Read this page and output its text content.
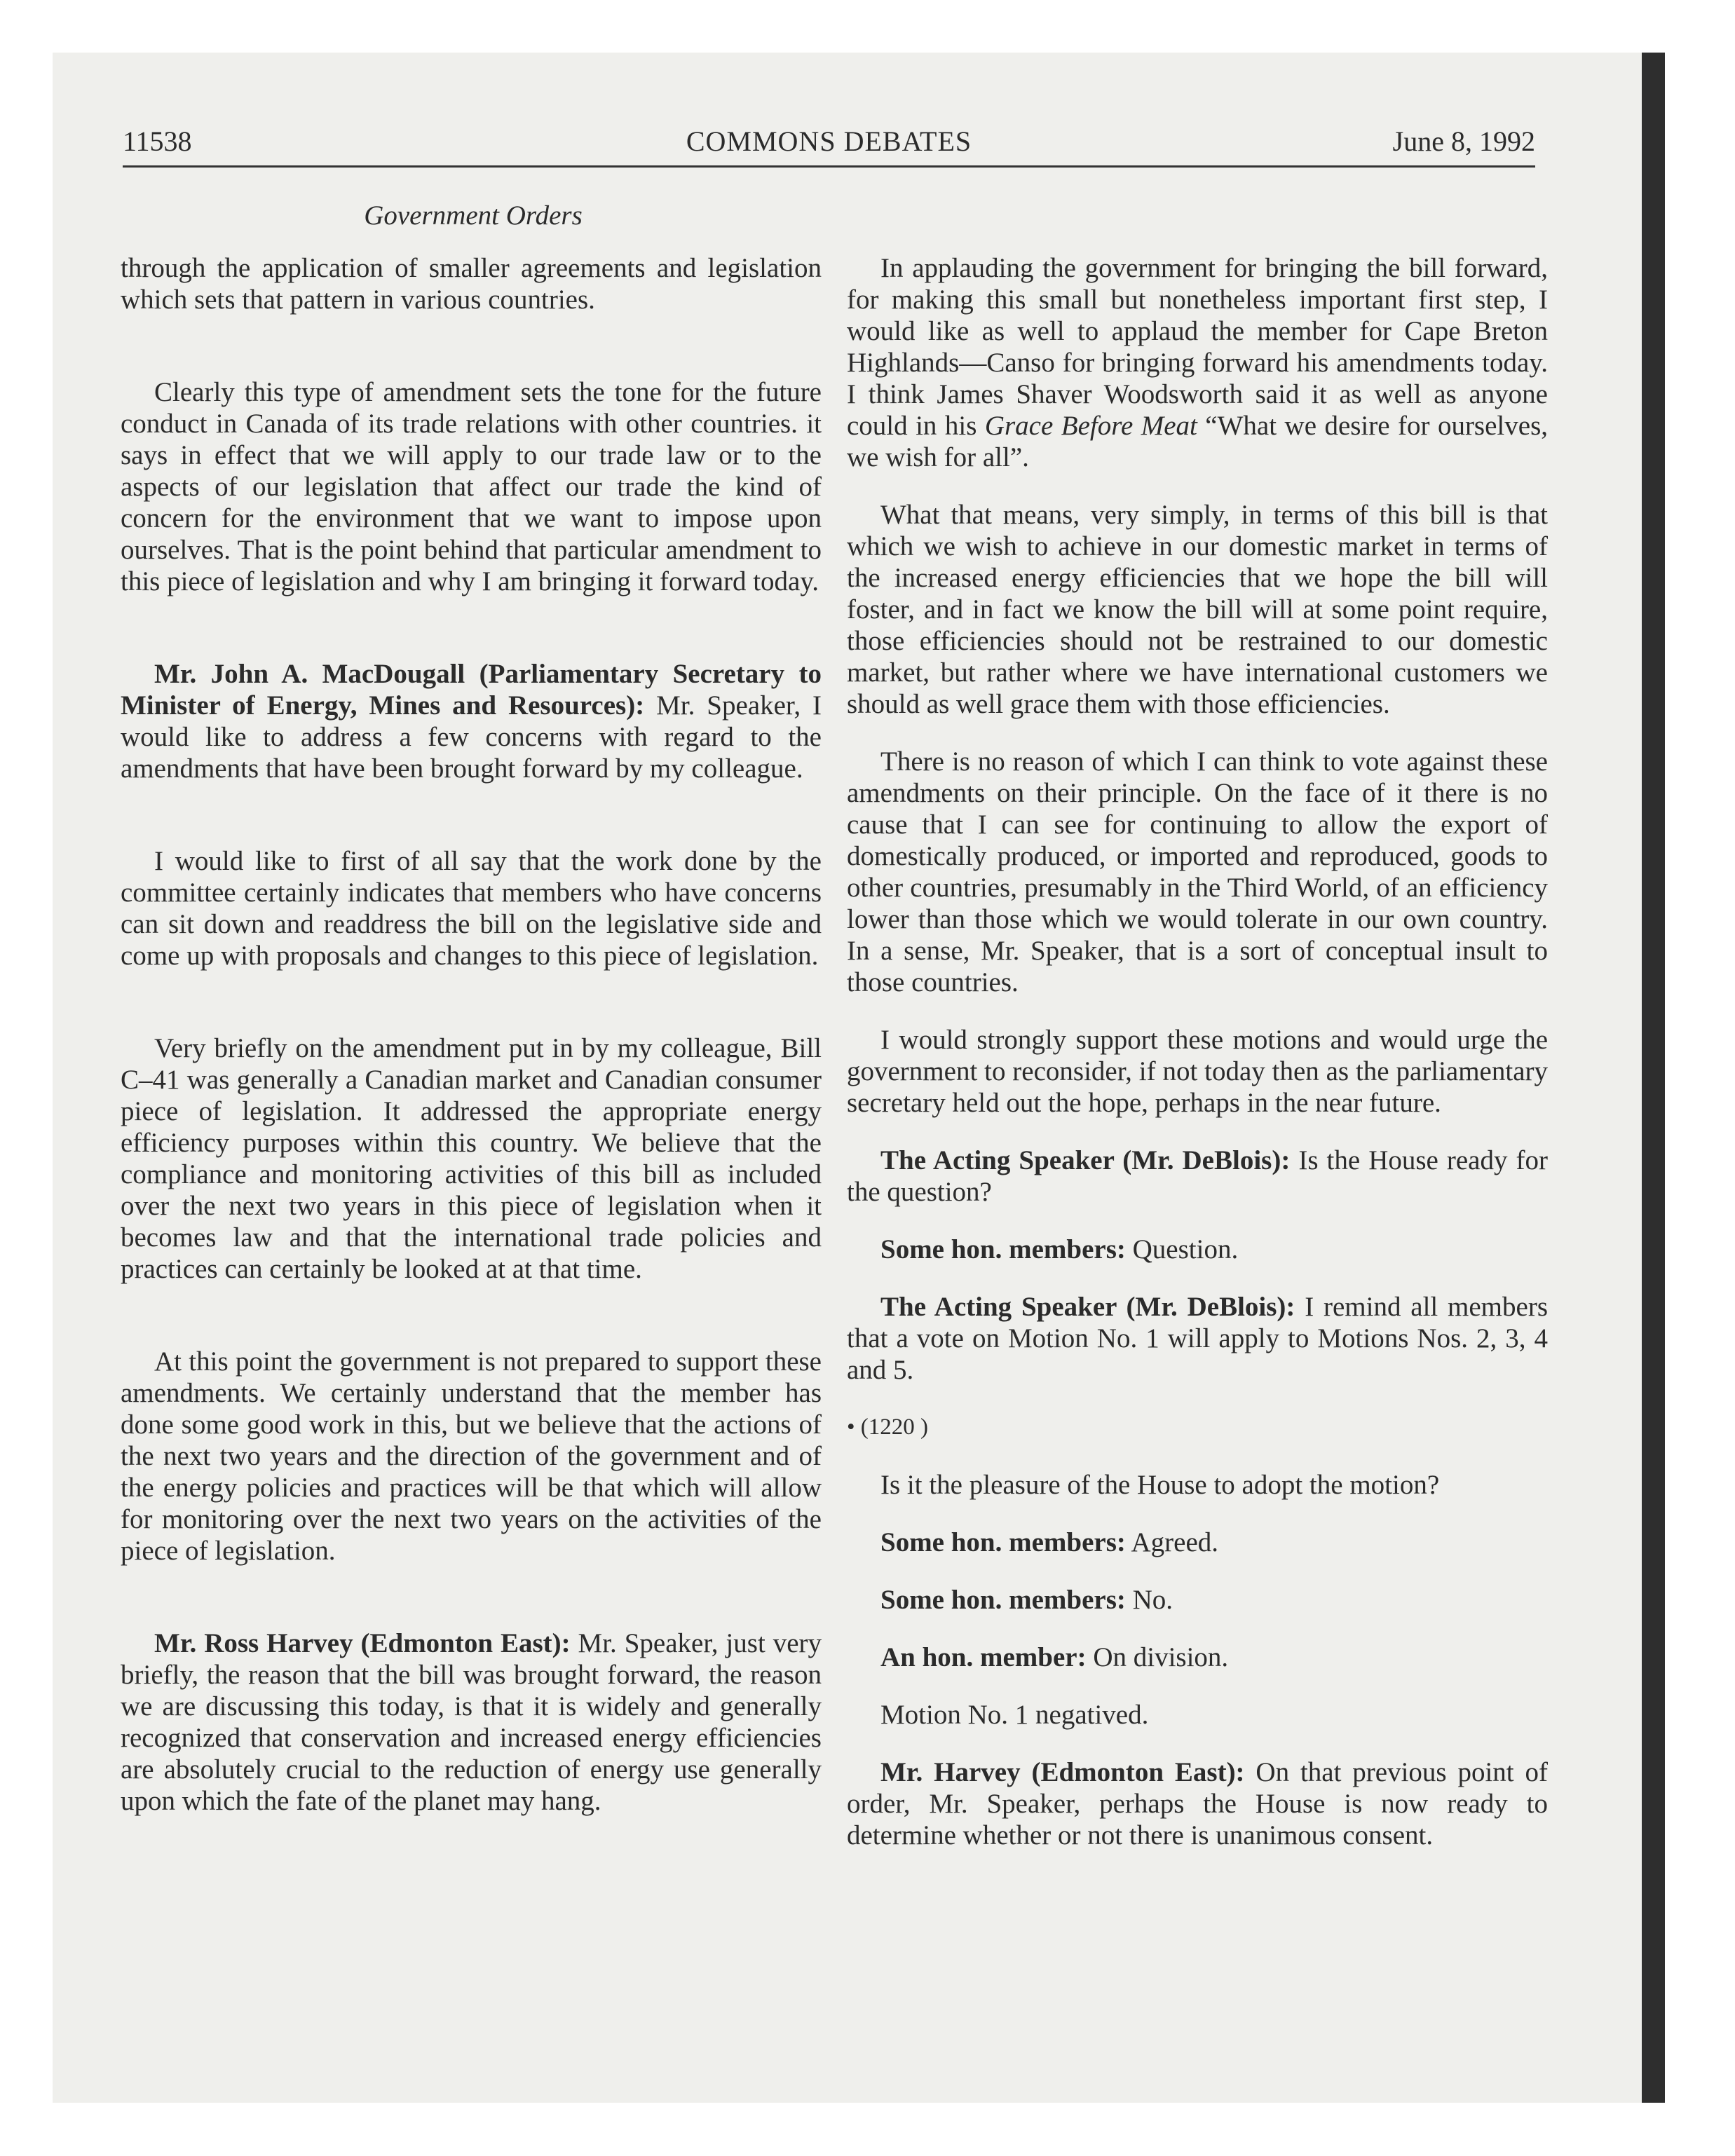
11538	COMMONS DEBATES	June 8, 1992
Government Orders

through the application of smaller agreements and legislation which sets that pattern in various countries.

Clearly this type of amendment sets the tone for the future conduct in Canada of its trade relations with other countries. it says in effect that we will apply to our trade law or to the aspects of our legislation that affect our trade the kind of concern for the environment that we want to impose upon ourselves. That is the point behind that particular amendment to this piece of legislation and why I am bringing it forward today.

Mr. John A. MacDougall (Parliamentary Secretary to Minister of Energy, Mines and Resources): Mr. Speaker, I would like to address a few concerns with regard to the amendments that have been brought forward by my colleague.

I would like to first of all say that the work done by the committee certainly indicates that members who have concerns can sit down and readdress the bill on the legislative side and come up with proposals and changes to this piece of legislation.

Very briefly on the amendment put in by my colleague, Bill C–41 was generally a Canadian market and Canadian consumer piece of legislation. It addressed the appropriate energy efficiency purposes within this country. We believe that the compliance and monitoring activities of this bill as included over the next two years in this piece of legislation when it becomes law and that the international trade policies and practices can certainly be looked at at that time.

At this point the government is not prepared to support these amendments. We certainly understand that the member has done some good work in this, but we believe that the actions of the next two years and the direction of the government and of the energy policies and practices will be that which will allow for monitoring over the next two years on the activities of the piece of legislation.

Mr. Ross Harvey (Edmonton East): Mr. Speaker, just very briefly, the reason that the bill was brought forward, the reason we are discussing this today, is that it is widely and generally recognized that conservation and increased energy efficiencies are absolutely crucial to the reduction of energy use generally upon which the fate of the planet may hang.

In applauding the government for bringing the bill forward, for making this small but nonetheless important first step, I would like as well to applaud the member for Cape Breton Highlands—Canso for bringing forward his amendments today. I think James Shaver Woodsworth said it as well as anyone could in his Grace Before Meat “What we desire for ourselves, we wish for all”.

What that means, very simply, in terms of this bill is that which we wish to achieve in our domestic market in terms of the increased energy efficiencies that we hope the bill will foster, and in fact we know the bill will at some point require, those efficiencies should not be restrained to our domestic market, but rather where we have international customers we should as well grace them with those efficiencies.

There is no reason of which I can think to vote against these amendments on their principle. On the face of it there is no cause that I can see for continuing to allow the export of domestically produced, or imported and reproduced, goods to other countries, presumably in the Third World, of an efficiency lower than those which we would tolerate in our own country. In a sense, Mr. Speaker, that is a sort of conceptual insult to those countries.

I would strongly support these motions and would urge the government to reconsider, if not today then as the parliamentary secretary held out the hope, perhaps in the near future.

The Acting Speaker (Mr. DeBlois): Is the House ready for the question?

Some hon. members: Question.

The Acting Speaker (Mr. DeBlois): I remind all members that a vote on Motion No. 1 will apply to Motions Nos. 2, 3, 4 and 5.

• (1220 )

Is it the pleasure of the House to adopt the motion?

Some hon. members: Agreed.

Some hon. members: No.

An hon. member: On division.

Motion No. 1 negatived.

Mr. Harvey (Edmonton East): On that previous point of order, Mr. Speaker, perhaps the House is now ready to determine whether or not there is unanimous consent.
